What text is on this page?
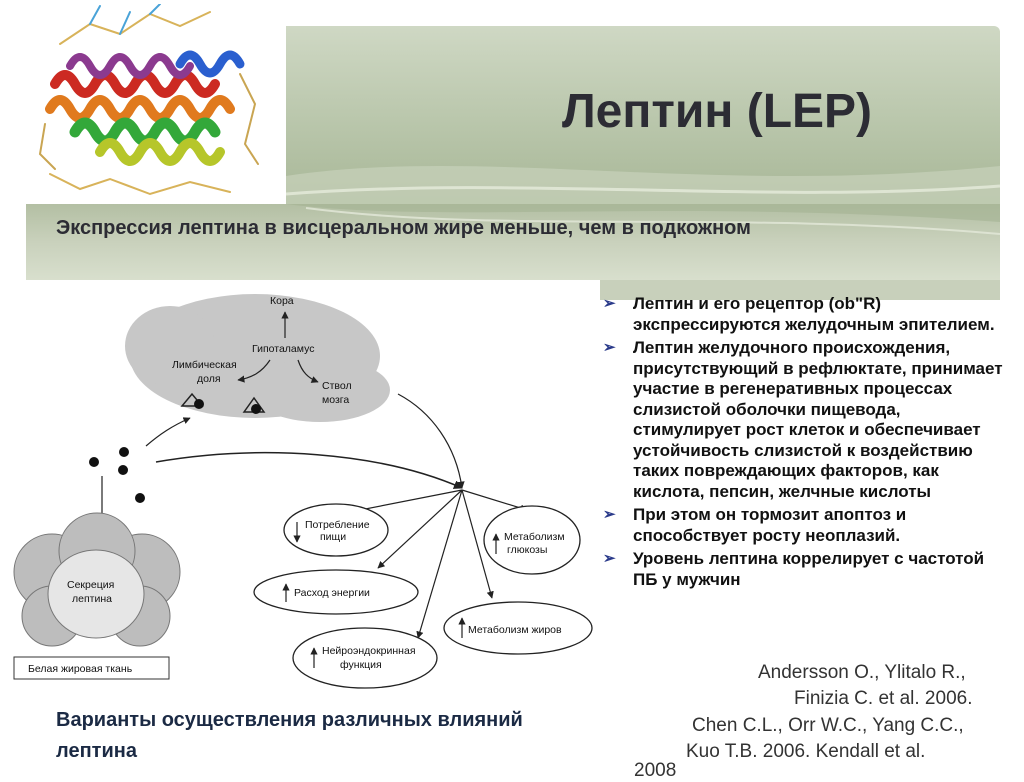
Лептин (LEP)
Экспрессия лептина в висцеральном жире меньше, чем в подкожном
Кора
Гипоталамус
Лимбическая
доля
Ствол
мозга
Секреция
лептина
Белая жировая ткань
Потребление
пищи
Расход энергии
Нейроэндокринная
функция
Метаболизм
глюкозы
Метаболизм жиров
➢ Лептин и его рецептор (ob"R) экспрессируются желудочным эпителием.
➢ Лептин желудочного происхождения, присутствующий в рефлюктате, принимает участие в регенеративных процессах слизистой оболочки пищевода, стимулирует рост клеток и обеспечивает устойчивость слизистой к воздействию таких повреждающих факторов, как кислота, пепсин, желчные кислоты
➢ При этом он тормозит апоптоз и способствует росту неоплазий.
➢ Уровень лептина коррелирует с частотой ПБ у мужчин
Andersson O., Ylitalo R.,
Finizia C. et al. 2006.
Chen C.L., Orr W.C., Yang C.C.,
Kuo T.B. 2006. Kendall et al.
2008
Варианты осуществления различных влияний лептина
